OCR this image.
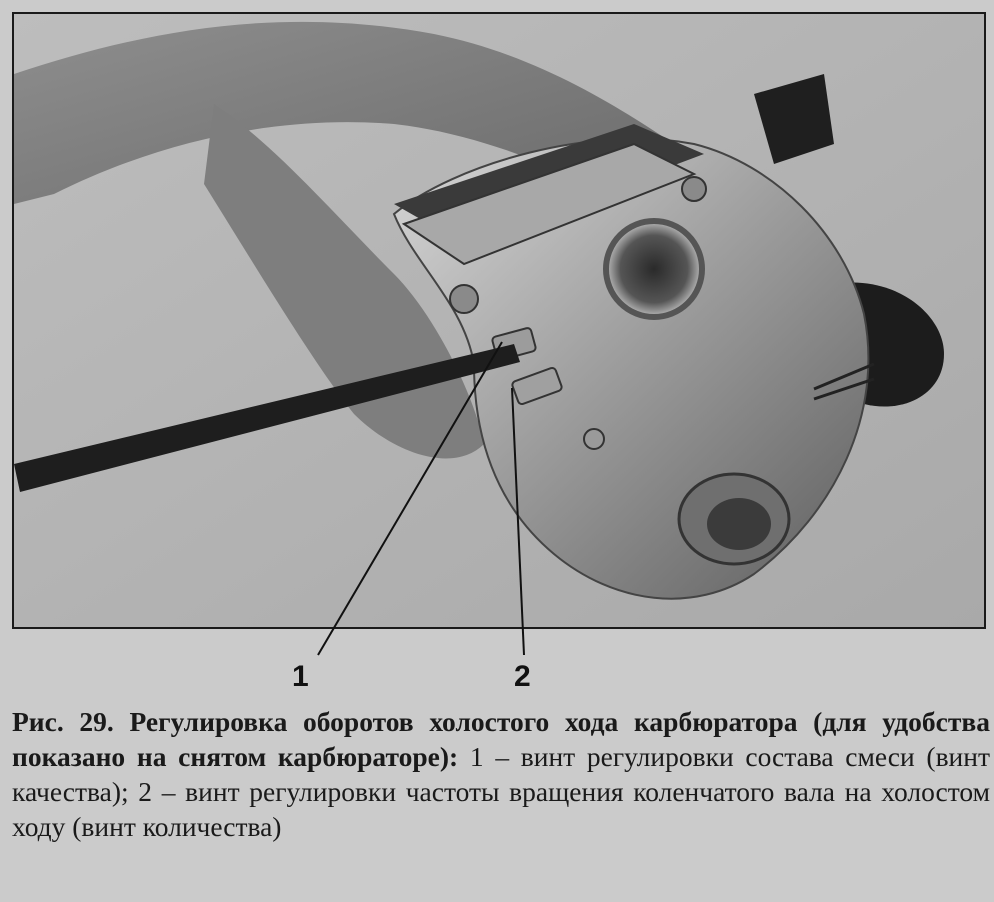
1	2
Рис. 29. Регулировка оборотов холостого хода карбюратора (для удобства показано на снятом карбюраторе): 1 – винт регулировки состава смеси (винт качества); 2 – винт регулировки частоты вращения коленчатого вала на холостом ходу (винт количества)
